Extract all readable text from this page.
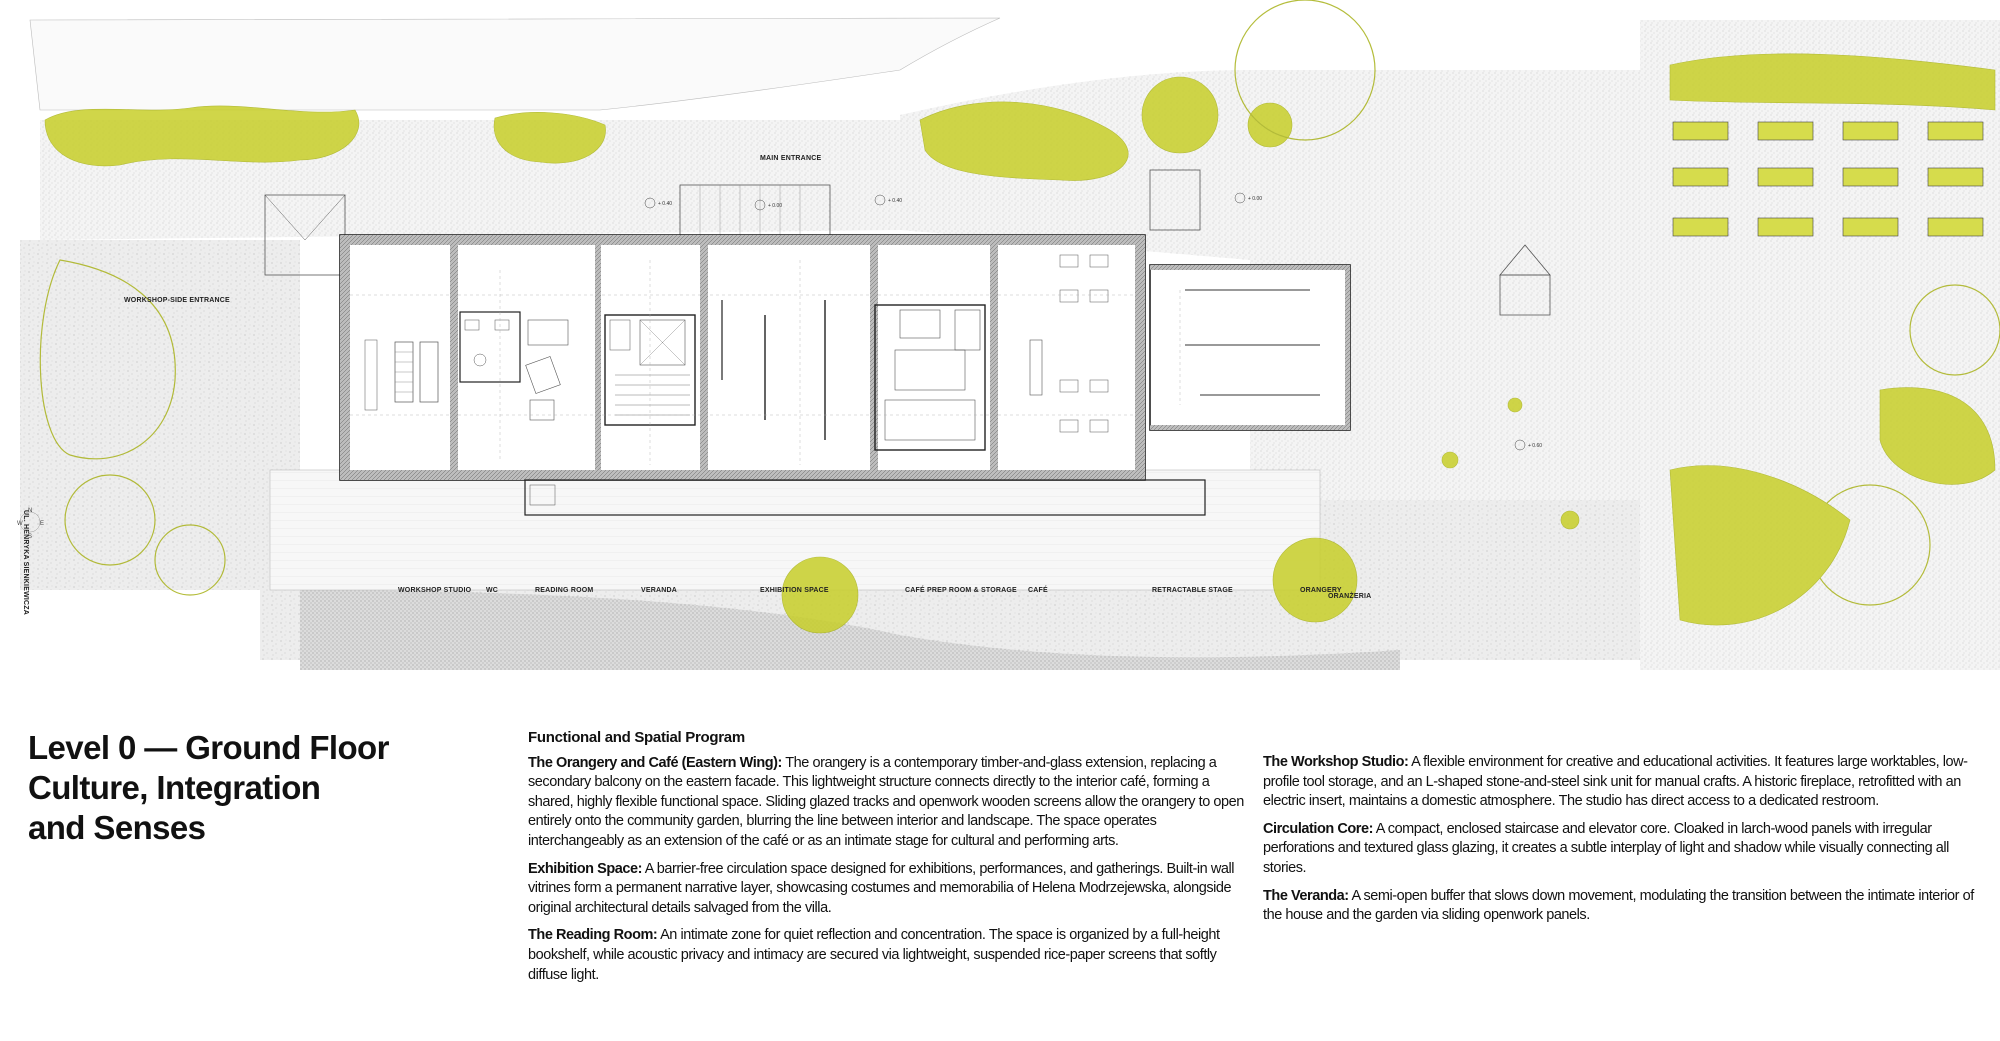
UL. HENRYKA SIENKIEWICZA N
W	E
S
+ 0.40	+ 0.00
+ 0.40	+ 0.00
+ 0.60
MAIN ENTRANCE
WORKSHOP-SIDE ENTRANCE
WORKSHOP STUDIO WC	READING ROOM	VERANDA	EXHIBITION SPACE	CAFÉ PREP ROOM & STORAGE CAFÉ	RETRACTABLE STAGE	ORANGERY
ORANŻERIA
Level 0 — Ground Floor
Culture, Integration
and Senses
Functional and Spatial Program

The Orangery and Café (Eastern Wing): The orangery is a contemporary timber-and-glass extension, replacing a secondary balcony on the eastern facade. This lightweight structure connects directly to the interior café, forming a shared, highly flexible functional space. Sliding glazed tracks and openwork wooden screens allow the orangery to open entirely onto the community garden, blurring the line between interior and landscape. The space operates interchangeably as an extension of the café or as an intimate stage for cultural and performing arts.

Exhibition Space: A barrier-free circulation space designed for exhibitions, performances, and gatherings. Built-in wall vitrines form a permanent narrative layer, showcasing costumes and memorabilia of Helena Modrzejewska, alongside original architectural details salvaged from the villa.

The Reading Room: An intimate zone for quiet reflection and concentration. The space is organized by a full-height bookshelf, while acoustic privacy and intimacy are secured via lightweight, suspended rice-paper screens that softly diffuse light.

The Workshop Studio: A flexible environment for creative and educational activities. It features large worktables, low-profile tool storage, and an L-shaped stone-and-steel sink unit for manual crafts. A historic fireplace, retrofitted with an electric insert, maintains a domestic atmosphere. The studio has direct access to a dedicated restroom.

Circulation Core: A compact, enclosed staircase and elevator core. Cloaked in larch-wood panels with irregular perforations and textured glass glazing, it creates a subtle interplay of light and shadow while visually connecting all stories.

The Veranda: A semi-open buffer that slows down movement, modulating the transition between the intimate interior of the house and the garden via sliding openwork panels.
